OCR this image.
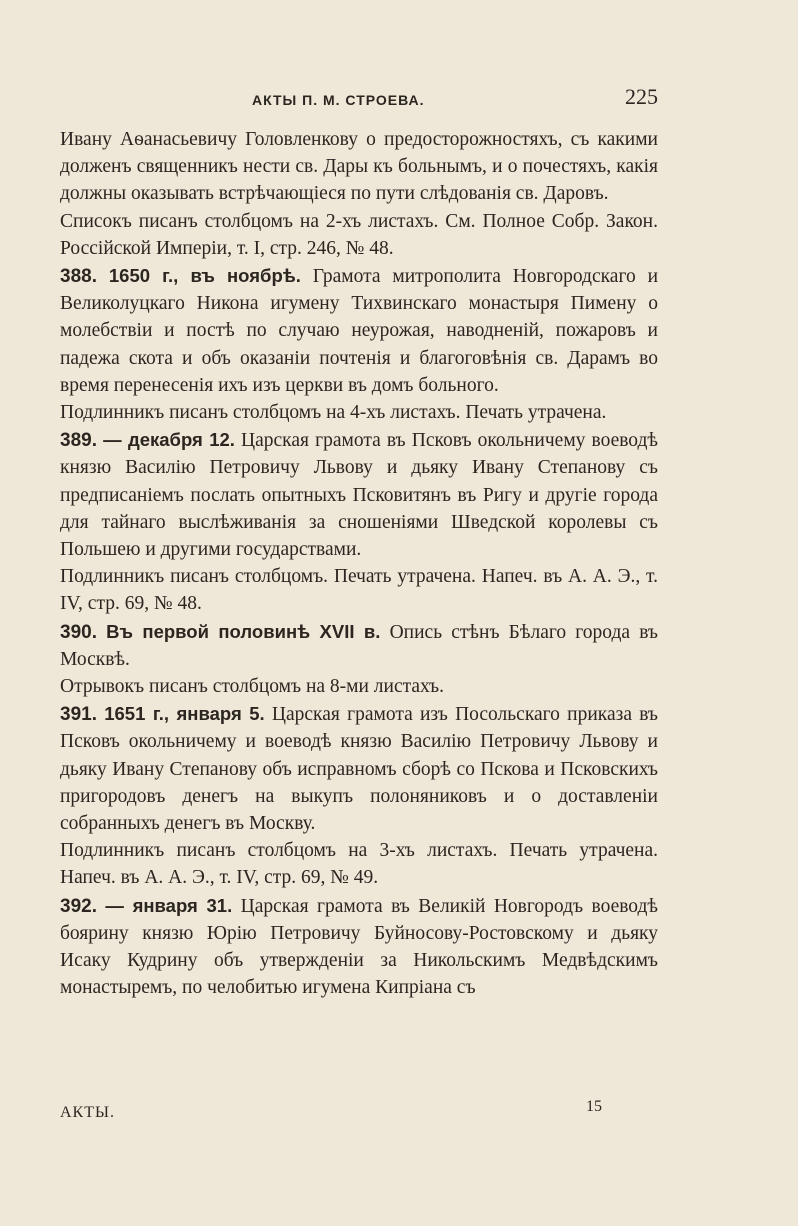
АКТЫ П. М. СТРОЕВА.	225

Ивану Аѳанасьевичу Головленкову о предосторожностяхъ, съ какими долженъ священникъ нести св. Дары къ больнымъ, и о почестяхъ, какія должны оказывать встрѣчающіеся по пути слѣдованія св. Даровъ.

Списокъ писанъ столбцомъ на 2-хъ листахъ. См. Полное Собр. Закон. Россійской Имперіи, т. I, стр. 246, № 48.

388. 1650 г., въ ноябрѣ. Грамота митрополита Новгородскаго и Великолуцкаго Никона игумену Тихвинскаго монастыря Пимену о молебствіи и постѣ по случаю неурожая, наводненій, пожаровъ и падежа скота и объ оказаніи почтенія и благоговѣнія св. Дарамъ во время перенесенія ихъ изъ церкви въ домъ больного.

Подлинникъ писанъ столбцомъ на 4-хъ листахъ. Печать утрачена.

389. — декабря 12. Царская грамота въ Псковъ окольничему воеводѣ князю Василію Петровичу Львову и дьяку Ивану Степанову съ предписаніемъ послать опытныхъ Псковитянъ въ Ригу и другіе города для тайнаго выслѣживанія за сношеніями Шведской королевы съ Польшею и другими государствами.

Подлинникъ писанъ столбцомъ. Печать утрачена. Напеч. въ А. А. Э., т. IV, стр. 69, № 48.

390. Въ первой половинѣ XVII в. Опись стѣнъ Бѣлаго города въ Москвѣ.

Отрывокъ писанъ столбцомъ на 8-ми листахъ.

391. 1651 г., января 5. Царская грамота изъ Посольскаго приказа въ Псковъ окольничему и воеводѣ князю Василію Петровичу Львову и дьяку Ивану Степанову объ исправномъ сборѣ со Пскова и Псковскихъ пригородовъ денегъ на выкупъ полоняниковъ и о доставленіи собранныхъ денегъ въ Москву.

Подлинникъ писанъ столбцомъ на 3-хъ листахъ. Печать утрачена. Напеч. въ А. А. Э., т. IV, стр. 69, № 49.

392. — января 31. Царская грамота въ Великій Новгородъ воеводѣ боярину князю Юрію Петровичу Буйносову-Ростовскому и дьяку Исаку Кудрину объ утвержденіи за Никольскимъ Медвѣдскимъ монастыремъ, по челобитью игумена Кипріана съ

АКТЫ.	15
